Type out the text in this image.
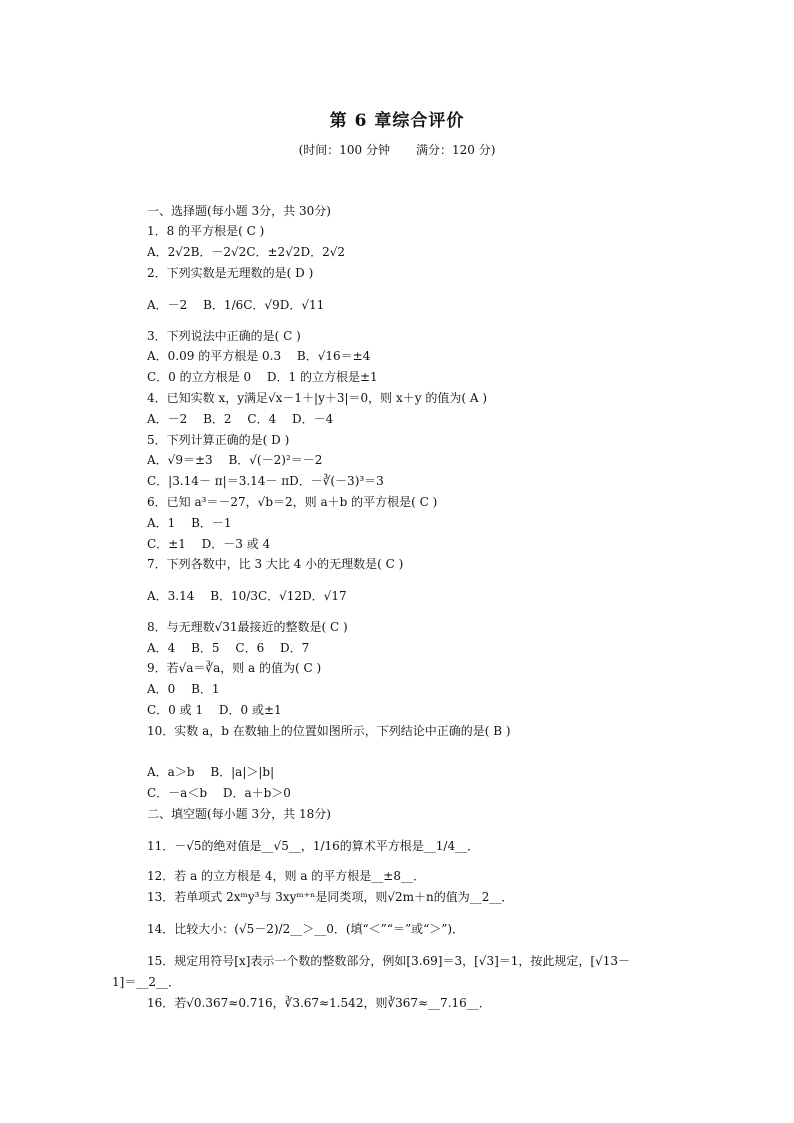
第 6 章综合评价
(时间：100 分钟 满分：120 分)
一、选择题(每小题 3分，共 30分)
1．8 的平方根是( C )
A．2√2B．－2√2C．±2√2D．2√2
2．下列实数是无理数的是( D )
A．－2　 B．1/6C．√9D．√11
3．下列说法中正确的是( C )
A．0.09 的平方根是 0.3　 B．√16＝±4
C．0 的立方根是 0　 D．1 的立方根是±1
4．已知实数 x，y满足√x－1＋|y＋3|＝0，则 x＋y 的值为( A )
A．－2　 B．2　 C．4　 D．－4
5．下列计算正确的是( D )
A．√9＝±3　 B．√(－2)²＝－2
C．|3.14－ π|＝3.14－ πD．－∛(－3)³＝3
6．已知 a³＝－27，√b＝2，则 a＋b 的平方根是( C )
A．1　 B．－1
C．±1　 D．－3 或 4
7．下列各数中，比 3 大比 4 小的无理数是( C )
A．3.14　 B．10/3C．√12D．√17
8．与无理数√31最接近的整数是( C )
A．4　 B．5　 C．6　 D．7
9．若√a＝∛a，则 a 的值为( C )
A．0　 B．1
C．0 或 1　 D．0 或±1
10．实数 a，b 在数轴上的位置如图所示，下列结论中正确的是( B )
A．a＞b　 B．|a|＞|b|
C．－a＜b　 D．a＋b＞0
二、填空题(每小题 3分，共 18分)
11．－√5的绝对值是__√5__，1/16的算术平方根是__1/4__．
12．若 a 的立方根是 4，则 a 的平方根是__±8__．
13．若单项式 2xᵐy³与 3xyᵐ⁺ⁿ是同类项，则√2m＋n的值为__2__．
14．比较大小：(√5－2)/2__＞__0．(填“＜”“＝”或“＞”)．
15．规定用符号[x]表示一个数的整数部分，例如[3.69]＝3，[√3]＝1，按此规定，[√13－
1]＝__2__．
16．若√0.367≈0.716，∛3.67≈1.542，则∛367≈__7.16__．
